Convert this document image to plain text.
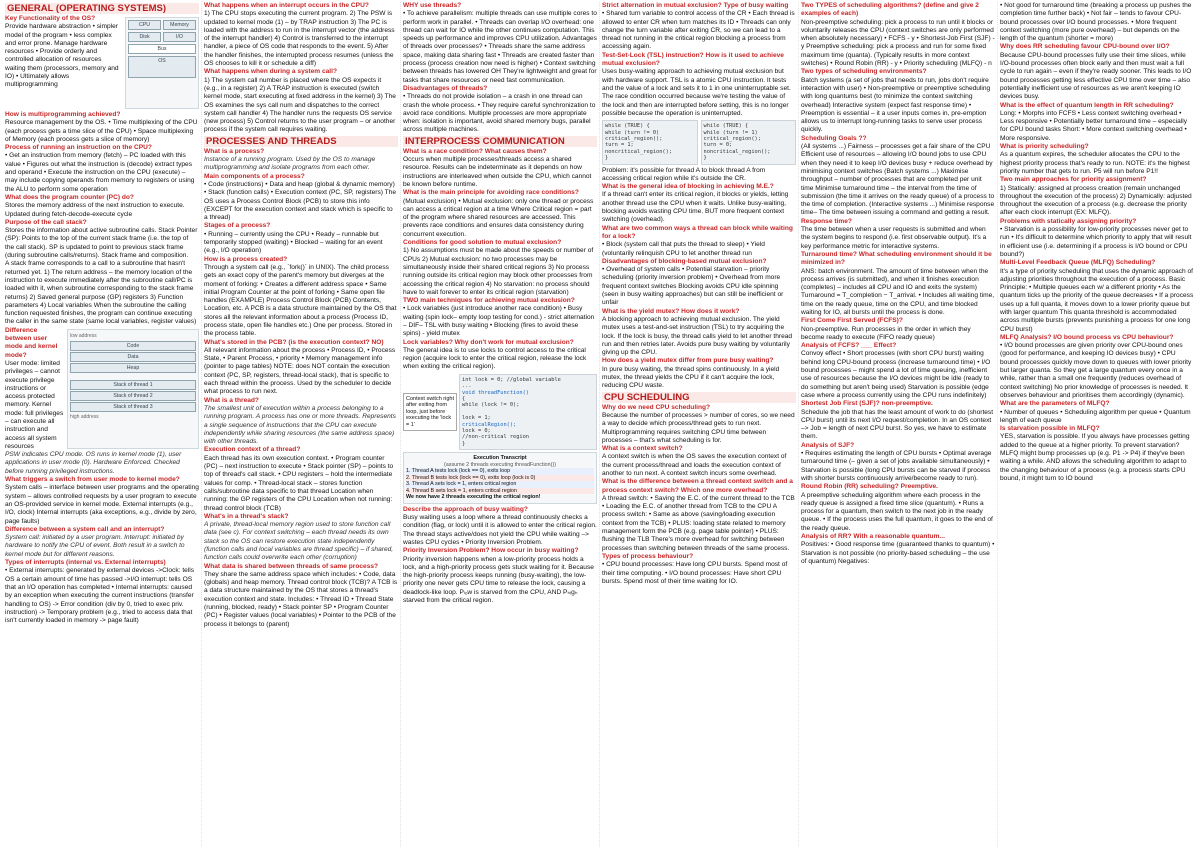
GENERAL (OPERATING SYSTEMS)
Key Functionality of the OS?

Provide hardware abstraction • simpler model of the program • less complex and error prone. Manage hardware resources • Provide orderly and controlled allocation of resources waiting them (processors, memory and IO) • Ultimately allows multiprogramming

CPU	Memory
Disk	I/O
Bus
OS
How is multiprogramming achieved?

Resource management by the OS. • Time multiplexing of the CPU (each process gets a time slice of the CPU) • Space multiplexing of Memory (each process gets a slice of memory)

Process of running an instruction on the CPU?

• Get an instruction from memory (fetch) – PC loaded with this value • Figures out what the instruction is (decode) extract types and operand • Execute the instruction on the CPU (execute) – may include copying operands from memory to registers or using the ALU to perform some operation

What does the program counter (PC) do?

Stores the memory address of the next instruction to execute. Updated during fetch-decode-execute cycle

Purpose of the call stack?

Stores the information about active subroutine calls. Stack Pointer (SP): Points to the top of the current stack frame (i.e. the top of the call stack). SP is updated to point to previous stack frame (during subroutine calls/returns). Stack frame and composition.

A stack frame corresponds to a call to a subroutine that hasn't returned yet. 1) The return address – the memory location of the instruction to execute immediately after the subroutine call/PC is loaded with it, when subroutine corresponding to the stack frame returns) 2) Saved general purpose (GP) registers 3) Function parameters 4) Local variables When the subroutine the calling function requested finishes, the program can continue executing the caller in the same state (same local variables, register values)

Difference between user mode and kernel mode?

User mode: limited privileges – cannot execute privilege instructions or access protected memory. Kernel mode: full privileges – can execute all instruction and access all system resources

low address
Code
Data
Heap
Stack of thread 1
Stack of thread 2
Stack of thread 3
high address

PSW indicates CPU mode. OS runs in kernel mode (1), user applications in user mode (0). Hardware Enforced. Checked before running privileged instructions.

What triggers a switch from user mode to kernel mode?

System calls – interface between user programs and the operating system – allows controlled requests by a user program to execute an OS-provided service in kernel mode. External interrupts (e.g., I/O, clock) Internal interrupts (aka exceptions, e.g., divide by zero, page faults)

Difference between a system call and an interrupt?

System call: initiated by a user program. Interrupt: initiated by hardware to notify the CPU of event. Both result in a switch to kernel mode but for different reasons.

Types of interrupts (internal vs. External interrupts)

• External interrupts: generated by external devices ->Clock: tells OS a certain amount of time has passed ->I/O interrupt: tells OS that an I/O operation has completed • Internal interrupts: caused by an exception when executing the current instructions (transfer handling to OS) -> Error condition (div by 0, tried to exec priv. instruction) -> Temporary problem (e.g., tried to access data that isn't currently loaded in memory -> page fault)

What happens when an interrupt occurs in the CPU?

1) The CPU stops executing the current program. 2) The PSW is updated to kernel mode (1) – by TRAP instruction 3) The PC is loaded with the address to run in the interrupt vector (the address of the interrupt handler) 4) Control is transferred to the interrupt handler, a piece of OS code that responds to the event. 5) After the handler finishes, the interrupted process resumes (unless the OS chooses to kill it or schedule a diff)

What happens when during a system call?

1) The system call number is placed where the OS expects it (e.g., in a register) 2) A TRAP instruction is executed (switch kernel mode, start executing at fixed address in the kernel) 3) The OS examines the sys call num and dispatches to the correct system call handler 4) The handler runs the requests OS service (new process) 5) Control returns to the user program – or another process if the system call requires waiting.

PROCESSES AND THREADS
What is a process?

Instance of a running program. Used by the OS to manage multiprogramming and isolate programs from each other.

Main components of a process?

• Code (instructions) • Data and heap (global & dynamic memory) • Stack (function calls) • Execution context (PC, SP, registers) The OS uses a Process Control Block (PCB) to store this info (EXCEPT for the execution context and stack which is specific to a thread)

Stages of a process?

• Running – currently using the CPU • Ready – runnable but temporarily stopped (waiting) • Blocked – waiting for an event (e.g., I/O operation)

How is a process created?

Through a system call (e.g., `fork()` in UNIX). The child process gets an exact copy of the parent's memory but diverges at the moment of forking: • Creates a different address space • Same initial Program Counter at the point of forking • Same open file handles (EXAMPLE) Process Control Block (PCB) Contents, Location, etc. A PCB is a data structure maintained by the OS that stores all the relevant information about a process (Process ID, process state, open file handles etc.) One per process. Stored in the process table.

What's stored in the PCB? (is the execution context? NO)

All relevant information about the process • Process ID, • Process State, • Parent Process, • priority • Memory management info (pointer to page tables) NOTE: does NOT contain the execution context (PC, SP, registers, thread-local stack), that is specific to each thread within the process. Used by the scheduler to decide what process to run next.

What is a thread?

The smallest unit of execution within a process belonging to a running program. A process has one or more threads. Represents a single sequence of instructions that the CPU can execute independently while sharing resources (the same address space) with other threads.

Execution context of a thread?

Each thread has its own execution context. • Program counter (PC) – next instruction to execute • Stack pointer (SP) – points to top of thread's call stack. • CPU registers – hold the intermediate values for comp. • Thread-local stack – stores function calls/subroutine data specific to that thread Location when running: the GP registers of the CPU Location when not running: thread control block (TCB)

What's in a thread's stack?

A private, thread-local memory region used to store function call data (see c). For context switching – each thread needs its own stack so the OS can restore execution state independently (function calls and local variables are thread specific) – if shared, function calls could overwrite each other (corruption)

What data is shared between threads of same process?

They share the same address space which includes: • Code, data (globals) and heap memory. Thread control block (TCB)? A TCB is a data structure maintained by the OS that stores a thread's execution context and state. Includes: • Thread ID • Thread State (running, blocked, ready) • Stack pointer SP • Program Counter (PC) • Register values (local variables) • Pointer to the PCB of the process it belongs to (parent)

WHY use threads?

• To achieve parallelism: multiple threads can use multiple cores to perform work in parallel. • Threads can overlap I/O overhead: one thread can wait for IO while the other continues computation. This speeds up performance and improves CPU utilization. Advantages of threads over processes? • Threads share the same address space, making data sharing fast • Threads are created faster than process (process creation now need is higher) • Context switching between threads has lowered OH They're lightweight and great for tasks that share resources or need fast communication.

Disadvantages of threads?

• Threads do not provide isolation – a crash in one thread can crash the whole process. • They require careful synchronization to avoid race conditions. Multiple processes are more appropriate when: isolation is important, avoid shared memory bugs, parallel across multiple machines.

INTERPROCESS COMMUNICATION
What is a race condition? What causes them?

Occurs when multiple processes/threads access a shared resource. Results can be indeterminate as it depends on how instructions are interleaved when outside the CPU, which cannot be known before runtime.

What is the main principle for avoiding race conditions?

(Mutual exclusion) • Mutual exclusion: only one thread or process can access a critical region at a time Where Critical region = part of the program where shared resources are accessed. This prevents race conditions and ensures data consistency during concurrent execution.

Conditions for good solution to mutual exclusion?

1) No assumptions must be made about the speeds or number of CPUs 2) Mutual exclusion: no two processes may be simultaneously inside their shared critical regions 3) No process running outside its critical region may block other processes from accessing the critical region 4) No starvation: no process should have to wait forever to enter its critical region (starvation)

TWO main techniques for achieving mutual exclusion?

• Lock variables (just introduce another race condition) • Busy waiting (spin lock– empty loop testing for cond.) - strict alternation – DIF– TSL with busy waiting • Blocking (fires to avoid these spins) - yield mutex

Lock variables? Why don't work for mutual exclusion?

The general idea is to use locks to control access to the critical region (acquire lock to enter the critical region, release the lock when exiting the critical region).

Context switch right after exiting from loop, just before executing the 'lock = 1'
int lock = 0; //global variable
...
void threadFunction()
{
while (lock != 0);

lock = 1;
criticalRegion();
lock = 0;
//non-critical region
}
Execution Transcript
(assume 2 threads executing threadFunction())
1. Thread A tests lock (lock == 0), exits loop
2. Thread B tests lock (lock == 0), exits loop (lock is 0)
3. Thread A sets lock = 1, enters critical region
4. Thread B sets lock = 1, enters critical region
We now have 2 threads executing the critical region!
Describe the approach of busy waiting?

Busy waiting uses a loop where a thread continuously checks a condition (flag, or lock) until it is allowed to enter the critical region. The thread stays active/does not yield the CPU while waiting –> wastes CPU cycles • Priority Inversion Problem.

Priority Inversion Problem? How occur in busy waiting?

Priority inversion happens when a low-priority process holds a lock, and a high-priority process gets stuck waiting for it. Because the high-priority process keeps running (busy-waiting), the low-priority one never gets CPU time to release the lock, causing a deadlock-like loop. Pₗₒw is starved from the CPU, AND Pₕᵢgₕ starved from the critical region.

Strict alternation in mutual exclusion? Type of busy waiting

• Shared turn variable to control access of the CR • Each thread is allowed to enter CR when turn matches its ID • Threads can only change the turn variable after exiting CR, so we can lead to a thread not running in the critical region blocking a process from accessing again.

Test-Set-Lock (TSL) instruction? How is it used to achieve mutual exclusion?

Uses busy-waiting approach to achieving mutual exclusion but with hardware support. TSL is a atomic CPU instruction. It tests and the value of a lock and sets it to 1 in one uninterruptable set. The race condition occurred because we're testing the value of the lock and then are interrupted before setting, this is no longer possible because the operation is uninterrupted.

while (TRUE) {
while (turn != 0)
critical_region();
turn = 1;
noncritical_region();
}
while (TRUE) {
while (turn != 1)
critical_region();
turn = 0;
noncritical_region();
}

Problem: it's possible for thread A to block thread A from accessing critical region while it's outside the CR.

What is the general idea of blocking in achieving M.E.?

If a thread can't enter its critical region, it blocks or yields, letting another thread use the CPU when it waits. Unlike busy-waiting, blocking avoids wasting CPU time. BUT more frequent context switching (overhead).

What are two common ways a thread can block while waiting for a lock?

• Block (system call that puts the thread to sleep) • Yield (voluntarily relinquish CPU to let another thread run

Disadvantages of blocking-based mutual exclusion?

• Overhead of system calls • Potential starvation – priority scheduling (priority inversion problem) • Overhead from more frequent context switches Blocking avoids CPU idle spinning (seen in busy waiting approaches) but can still be inefficient or unfair

What is the yield mutex? How does it work?

A blocking approach to achieving mutual exclusion. The yield mutex uses a test-and-set instruction (TSL) to try acquiring the lock. If the lock is busy, the thread calls yield to let another thread run and then retries later. Avoids pure busy waiting by voluntarily giving up the CPU.

How does a yield mutex differ from pure busy waiting?

In pure busy waiting, the thread spins continuously. In a yield mutex, the thread yields the CPU if it can't acquire the lock, reducing CPU waste.

CPU SCHEDULING
Why do we need CPU scheduling?

Because the number of processes > number of cores, so we need a way to decide which process/thread gets to run next. Multiprogramming requires switching CPU time between processes – that's what scheduling is for.

What is a context switch?

A context switch is when the OS saves the execution context of the current process/thread and loads the execution context of another to run next. A context switch incurs some overhead.

What is the difference between a thread context switch and a process context switch? Which one more overhead?

A thread switch: • Saving the E.C. of the current thread to the TCB • Loading the E.C. of another thread from TCB to the CPU A process switch: • Same as above (saving/loading execution context from the TCB) • PLUS: loading state related to memory management form the PCB (e.g. page table pointer) • PLUS: flushing the TLB There's more overhead for switching between processes than switching between threads of the same process.

Types of process behaviour?

• CPU bound processes: Have long CPU bursts. Spend most of their time computing. • I/O bound processes: Have short CPU bursts. Spend most of their time waiting for IO.

Two TYPES of scheduling algorithms? (define and give 2 examples of each)

Non-preemptive scheduling: pick a process to run until it blocks or voluntarily releases the CPU (context switches are only performed when absolutely necessary) • FCFS - y • Shortest-Job First (SJF) - y Preemptive scheduling: pick a process and run for some fixed maximum time (quanta). (Typically results in more context switches) • Round Robin (RR) - y • Priority scheduling (MLFQ) - n

Two types of scheduling environments?

Batch systems (a set of jobs that needs to run, jobs don't require interaction with user) • Non-preemptive or preemptive scheduling with long quantums best (to minimize the context switching overhead) Interactive system (expect fast response time) • Preemption is essential – it a user inputs comes in, pre-emption allows us to interrupt long-running tasks to serve user process quickly.

Scheduling Goals ??

(All systems ...) Fairness – processes get a fair share of the CPU Efficient use of resources – allowing I/O bound jobs to use CPU when they need it to keep I/O devices busy + reduce overhead by minimising context switches (Batch systems ...) Maximise throughput – number of processes that are completed per unit time Minimise turnaround time – the interval from the time of submission (the time it arrives on the ready queue) of a process to the time of completion. (Interactive systems ...) Minimise response time– The time between issuing a command and getting a result.

Response time?

The time between when a user requests is submitted and when the system begins to respond (i.e. first observable output). It's a key performance metric for interactive systems.

Turnaround time? What scheduling environment should it be minimized in?

ANS: batch environment. The amount of time between when the process arrives (is submitted), and when it finishes execution (completes) – includes all CPU and IO and exits the system) Turnaround = T_completion − T_arrival. • Includes all waiting time, time on the ready queue, time on the CPU, and time blocked waiting for IO, all bursts until the process is done.

First Come First Served (FCFS)?

Non-preemptive. Run processes in the order in which they become ready to execute (FIFO ready queue)

Analysis of FCFS? ___ Effect?

Convoy effect • Short processes (with short CPU burst) waiting behind long CPU-bound process (increase turnaround time) • I/O bound processes – might spend a lot of time queuing, inefficient use of resources because the I/O devices might be idle (ready to do something but aren't being used) Starvation is possible (edge case where a process currently using the CPU runs indefinitely)

Shortest Job First (SJF)? non-preemptive.

Schedule the job that has the least amount of work to do (shortest CPU burst) until its next I/O request/completion. In an OS context –> Job = length of next CPU burst. So yes, we have to estimate them.

Analysis of SJF?

• Requires estimating the length of CPU bursts • Optimal average turnaround time (– given a set of jobs available simultaneously) • Starvation is possible (long CPU bursts can be starved if process with shorter bursts continuously arrive/become ready to run).

Round Robin (RR) scheduling? Preemptive.

A preemptive scheduling algorithm where each process in the ready queue is assigned a fixed time slice (quantum). • Runs a process for a quantum, then switch to the next job in the ready queue. • If the process uses the full quantum, it goes to the end of the ready queue.

Analysis of RR? With a reasonable quantum...

Positives: • Good response time (guaranteed thanks to quantum) • Starvation is not possible (no priority-based scheduling – the use of quantum) Negatives:

• Not good for turnaround time (breaking a process up pushes the completion time further back) • Not fair – tends to favour CPU-bound processes over I/O bound processes. • More frequent context switching (more pure overhead) – but depends on the length of the quantum (shorter = more)

Why does RR scheduling favour CPU-bound over I/O?

Because CPU-bound processes fully use their time slices, while I/O-bound processes often block early and then must wait a full cycle to run again – even if they're ready sooner. This leads to I/O bound processes getting less effective CPU time over time – also potentially inefficient use of resources as we aren't keeping IO devices busy.

What is the effect of quantum length in RR scheduling?

Long: • Morphs into FCFS • Less context switching overhead • Less responsive • Potentially better turnaround time – especially for CPU bound tasks Short: • More context switching overhead • More responsive.

What is priority scheduling?

As a quantum expires, the scheduler allocates the CPU to the highest priority process that's ready to run. NOTE: it's the highest priority number that gets to run. P5 will run before P1!!

Two main approaches for priority assignment?

1) Statically: assigned at process creation (remain unchanged throughout the execution of the process) 2) Dynamically: adjusted throughout the execution of a process (e.g. decrease the priority after each clock interrupt (EX: MLFQ).

Problems with statically assigning priority?

• Starvation is a possibility for low-priority processes never get to run • It's difficult to determine which priority to apply that will result in efficient use (i.e. determining if a process is I/O bound or CPU bound?)

Multi-Level Feedback Queue (MLFQ) Scheduling?

It's a type of priority scheduling that uses the dynamic approach of adjusting priorities throughout the execution of a process. Basic Principle: • Multiple queues each w/ a different priority • As the quantum ticks up the priority of the queue decreases • If a process uses up a full quanta, it moves down to a lower priority queue but with larger quantum This quanta threshold is accommodated across multiple bursts (prevents punishing a process for one long CPU burst)

MLFQ Analysis? I/O bound process vs CPU behaviour?

• I/O bound processes are given priority over CPU-bound ones (good for performance, and keeping IO devices busy) • CPU bound processes quickly move down to queues with lower priority but larger quanta. So they get a large quantum every once in a while, rather than a small one frequently (reduces overhead of context switching) No prior knowledge of processes is needed. It observes behaviour and prioritises them accordingly (dynamic).

What are the parameters of MLFQ?

• Number of queues • Scheduling algorithm per queue • Quantum length of each queue

Is starvation possible in MLFQ?

YES, starvation is possible. If you always have processes getting added to the queue at a higher priority. To prevent starvation? MLFQ might bump processes up (e.g. P1 -> P4) if they've been waiting a while. AND allows the scheduling algorithm to adapt to the changing behaviour of a process (e.g. a process starts CPU bound, it might turn to IO bound
